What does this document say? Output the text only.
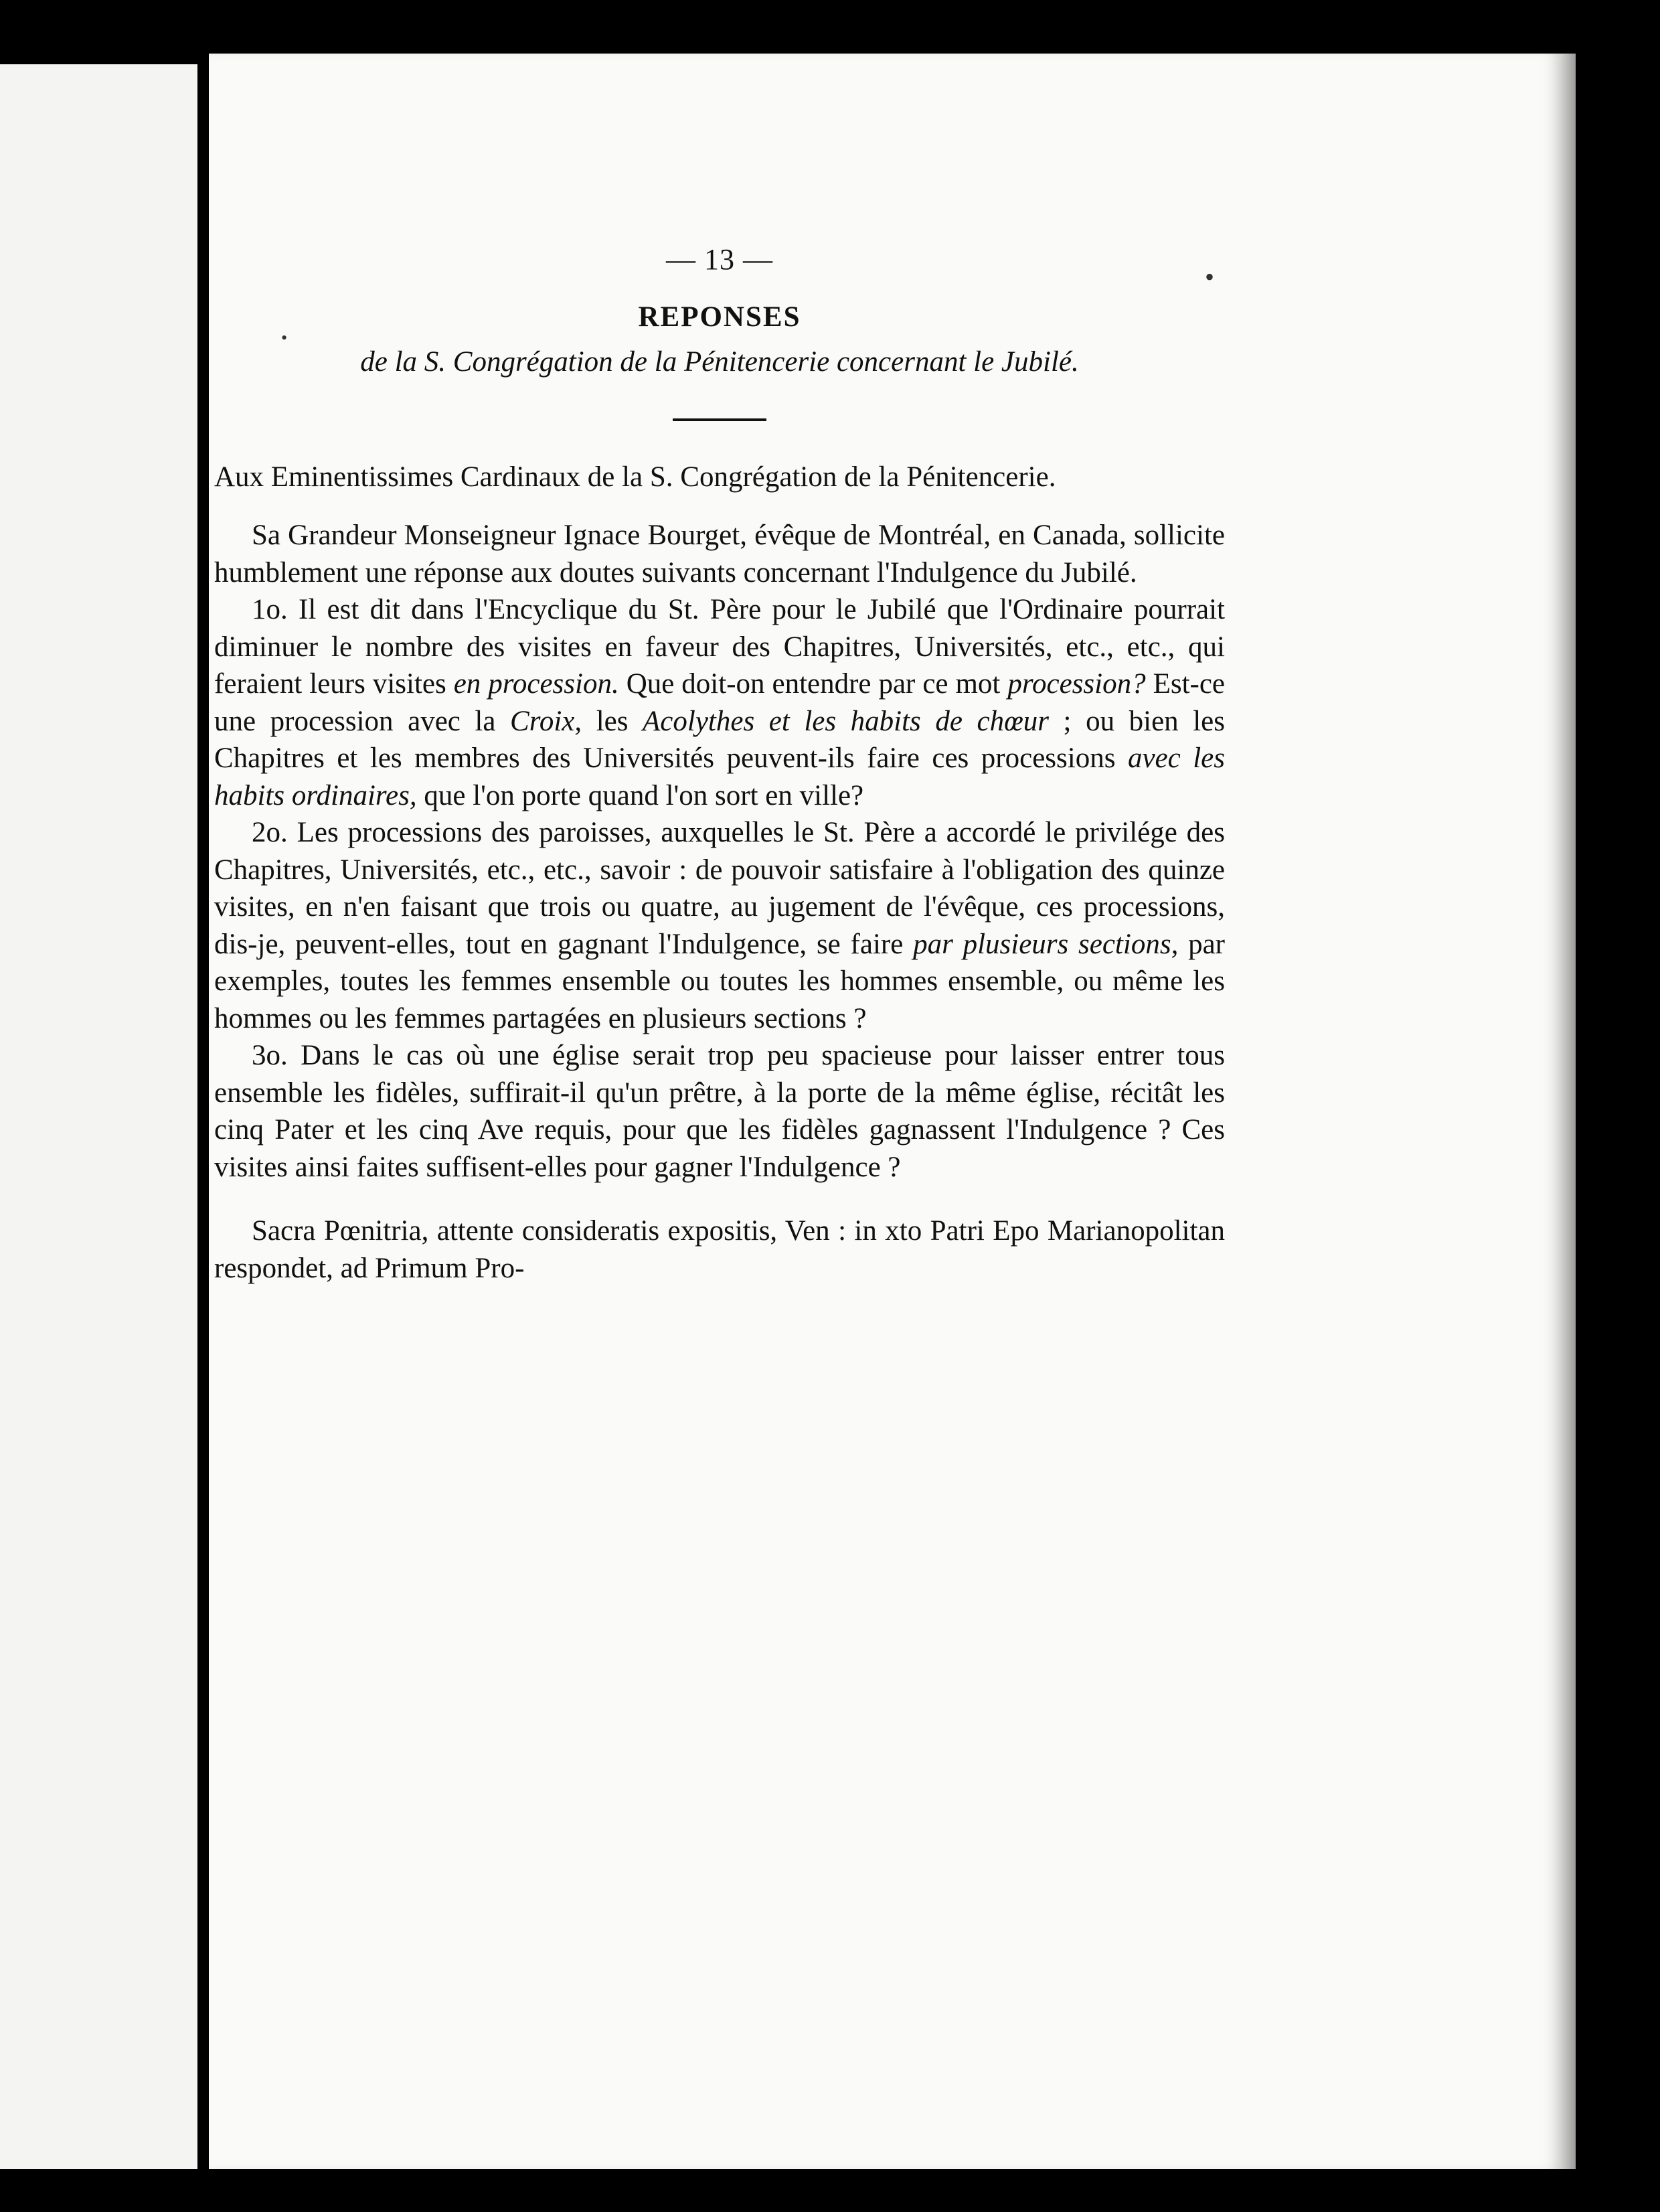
•
•
— 13 —
REPONSES
de la S. Congrégation de la Pénitencerie concernant le Jubilé.

Aux Eminentissimes Cardinaux de la S. Congrégation de la Pénitencerie.

Sa Grandeur Monseigneur Ignace Bourget, évêque de Montréal, en Canada, sollicite humblement une réponse aux doutes suivants concernant l'Indulgence du Jubilé.

1o. Il est dit dans l'Encyclique du St. Père pour le Jubilé que l'Ordinaire pourrait diminuer le nombre des visites en faveur des Chapitres, Universités, etc., etc., qui feraient leurs visites en procession. Que doit-on entendre par ce mot procession? Est-ce une procession avec la Croix, les Acolythes et les habits de chœur ; ou bien les Chapitres et les membres des Universités peuvent-ils faire ces processions avec les habits ordinaires, que l'on porte quand l'on sort en ville?

2o. Les processions des paroisses, auxquelles le St. Père a accordé le privilége des Chapitres, Universités, etc., etc., savoir : de pouvoir satisfaire à l'obligation des quinze visites, en n'en faisant que trois ou quatre, au jugement de l'évêque, ces processions, dis-je, peuvent-elles, tout en gagnant l'Indulgence, se faire par plusieurs sections, par exemples, toutes les femmes ensemble ou toutes les hommes ensemble, ou même les hommes ou les femmes partagées en plusieurs sections ?

3o. Dans le cas où une église serait trop peu spacieuse pour laisser entrer tous ensemble les fidèles, suffirait-il qu'un prêtre, à la porte de la même église, récitât les cinq Pater et les cinq Ave requis, pour que les fidèles gagnassent l'Indulgence ? Ces visites ainsi faites suffisent-elles pour gagner l'Indulgence ?

Sacra Pœnitria, attente consideratis expositis, Ven : in xto Patri Epo Marianopolitan respondet, ad Primum Pro-
